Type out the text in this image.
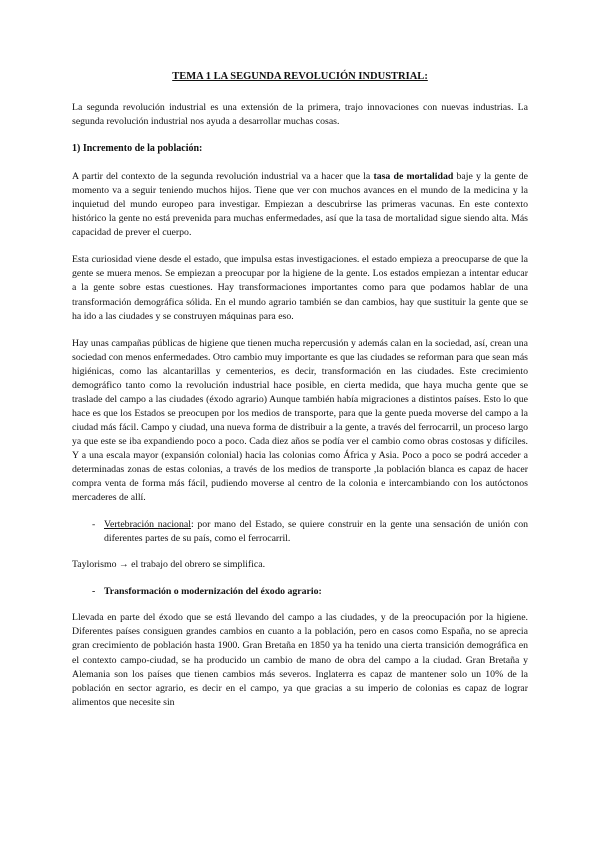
TEMA 1 LA SEGUNDA REVOLUCIÓN INDUSTRIAL:

La segunda revolución industrial es una extensión de la primera, trajo innovaciones con nuevas industrias. La segunda revolución industrial nos ayuda a desarrollar muchas cosas.

1) Incremento de la población:

A partir del contexto de la segunda revolución industrial va a hacer que la tasa de mortalidad baje y la gente de momento va a seguir teniendo muchos hijos. Tiene que ver con muchos avances en el mundo de la medicina y la inquietud del mundo europeo para investigar. Empiezan a descubrirse las primeras vacunas. En este contexto histórico la gente no está prevenida para muchas enfermedades, así que la tasa de mortalidad sigue siendo alta. Más capacidad de prever el cuerpo.

Esta curiosidad viene desde el estado, que impulsa estas investigaciones. el estado empieza a preocuparse de que la gente se muera menos. Se empiezan a preocupar por la higiene de la gente. Los estados empiezan a intentar educar a la gente sobre estas cuestiones. Hay transformaciones importantes como para que podamos hablar de una transformación demográfica sólida. En el mundo agrario también se dan cambios, hay que sustituir la gente que se ha ido a las ciudades y se construyen máquinas para eso.

Hay unas campañas públicas de higiene que tienen mucha repercusión y además calan en la sociedad, así, crean una sociedad con menos enfermedades. Otro cambio muy importante es que las ciudades se reforman para que sean más higiénicas, como las alcantarillas y cementerios, es decir, transformación en las ciudades. Este crecimiento demográfico tanto como la revolución industrial hace posible, en cierta medida, que haya mucha gente que se traslade del campo a las ciudades (éxodo agrario) Aunque también había migraciones a distintos países. Esto lo que hace es que los Estados se preocupen por los medios de transporte, para que la gente pueda moverse del campo a la ciudad más fácil. Campo y ciudad, una nueva forma de distribuir a la gente, a través del ferrocarril, un proceso largo ya que este se iba expandiendo poco a poco. Cada diez años se podía ver el cambio como obras costosas y difíciles. Y a una escala mayor (expansión colonial) hacia las colonias como África y Asia. Poco a poco se podrá acceder a determinadas zonas de estas colonias, a través de los medios de transporte ,la población blanca es capaz de hacer compra venta de forma más fácil, pudiendo moverse al centro de la colonia e intercambiando con los autóctonos mercaderes de allí.

- Vertebración nacional: por mano del Estado, se quiere construir en la gente una sensación de unión con diferentes partes de su país, como el ferrocarril.

Taylorismo → el trabajo del obrero se simplifica.

- Transformación o modernización del éxodo agrario:

Llevada en parte del éxodo que se está llevando del campo a las ciudades, y de la preocupación por la higiene. Diferentes países consiguen grandes cambios en cuanto a la población, pero en casos como España, no se aprecia gran crecimiento de población hasta 1900. Gran Bretaña en 1850 ya ha tenido una cierta transición demográfica en el contexto campo-ciudad, se ha producido un cambio de mano de obra del campo a la ciudad. Gran Bretaña y Alemania son los países que tienen cambios más severos. Inglaterra es capaz de mantener solo un 10% de la población en sector agrario, es decir en el campo, ya que gracias a su imperio de colonias es capaz de lograr alimentos que necesite sin
